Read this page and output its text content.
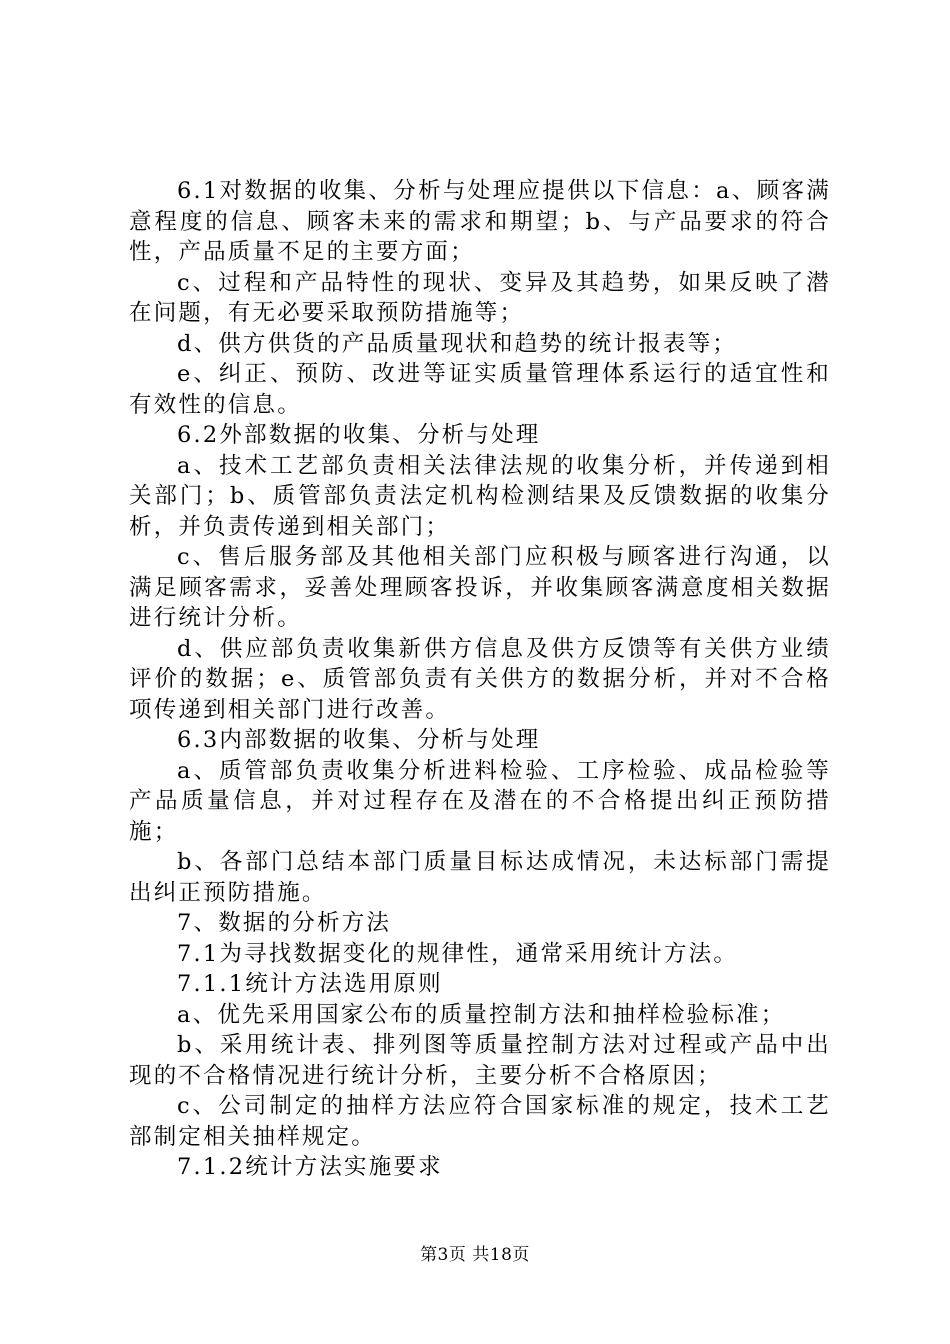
6.1对数据的收集、分析与处理应提供以下信息：a、顾客满意程度的信息、顾客未来的需求和期望；b、与产品要求的符合性，产品质量不足的主要方面；

c、过程和产品特性的现状、变异及其趋势，如果反映了潜在问题，有无必要采取预防措施等；

d、供方供货的产品质量现状和趋势的统计报表等；

e、纠正、预防、改进等证实质量管理体系运行的适宜性和有效性的信息。

6.2外部数据的收集、分析与处理

a、技术工艺部负责相关法律法规的收集分析，并传递到相关部门；b、质管部负责法定机构检测结果及反馈数据的收集分析，并负责传递到相关部门；

c、售后服务部及其他相关部门应积极与顾客进行沟通，以满足顾客需求，妥善处理顾客投诉，并收集顾客满意度相关数据进行统计分析。

d、供应部负责收集新供方信息及供方反馈等有关供方业绩评价的数据；e、质管部负责有关供方的数据分析，并对不合格项传递到相关部门进行改善。

6.3内部数据的收集、分析与处理

a、质管部负责收集分析进料检验、工序检验、成品检验等产品质量信息，并对过程存在及潜在的不合格提出纠正预防措施；

b、各部门总结本部门质量目标达成情况，未达标部门需提出纠正预防措施。

7、数据的分析方法

7.1为寻找数据变化的规律性，通常采用统计方法。

7.1.1统计方法选用原则

a、优先采用国家公布的质量控制方法和抽样检验标准；

b、采用统计表、排列图等质量控制方法对过程或产品中出现的不合格情况进行统计分析，主要分析不合格原因；

c、公司制定的抽样方法应符合国家标准的规定，技术工艺部制定相关抽样规定。

7.1.2统计方法实施要求

第3页 共18页
